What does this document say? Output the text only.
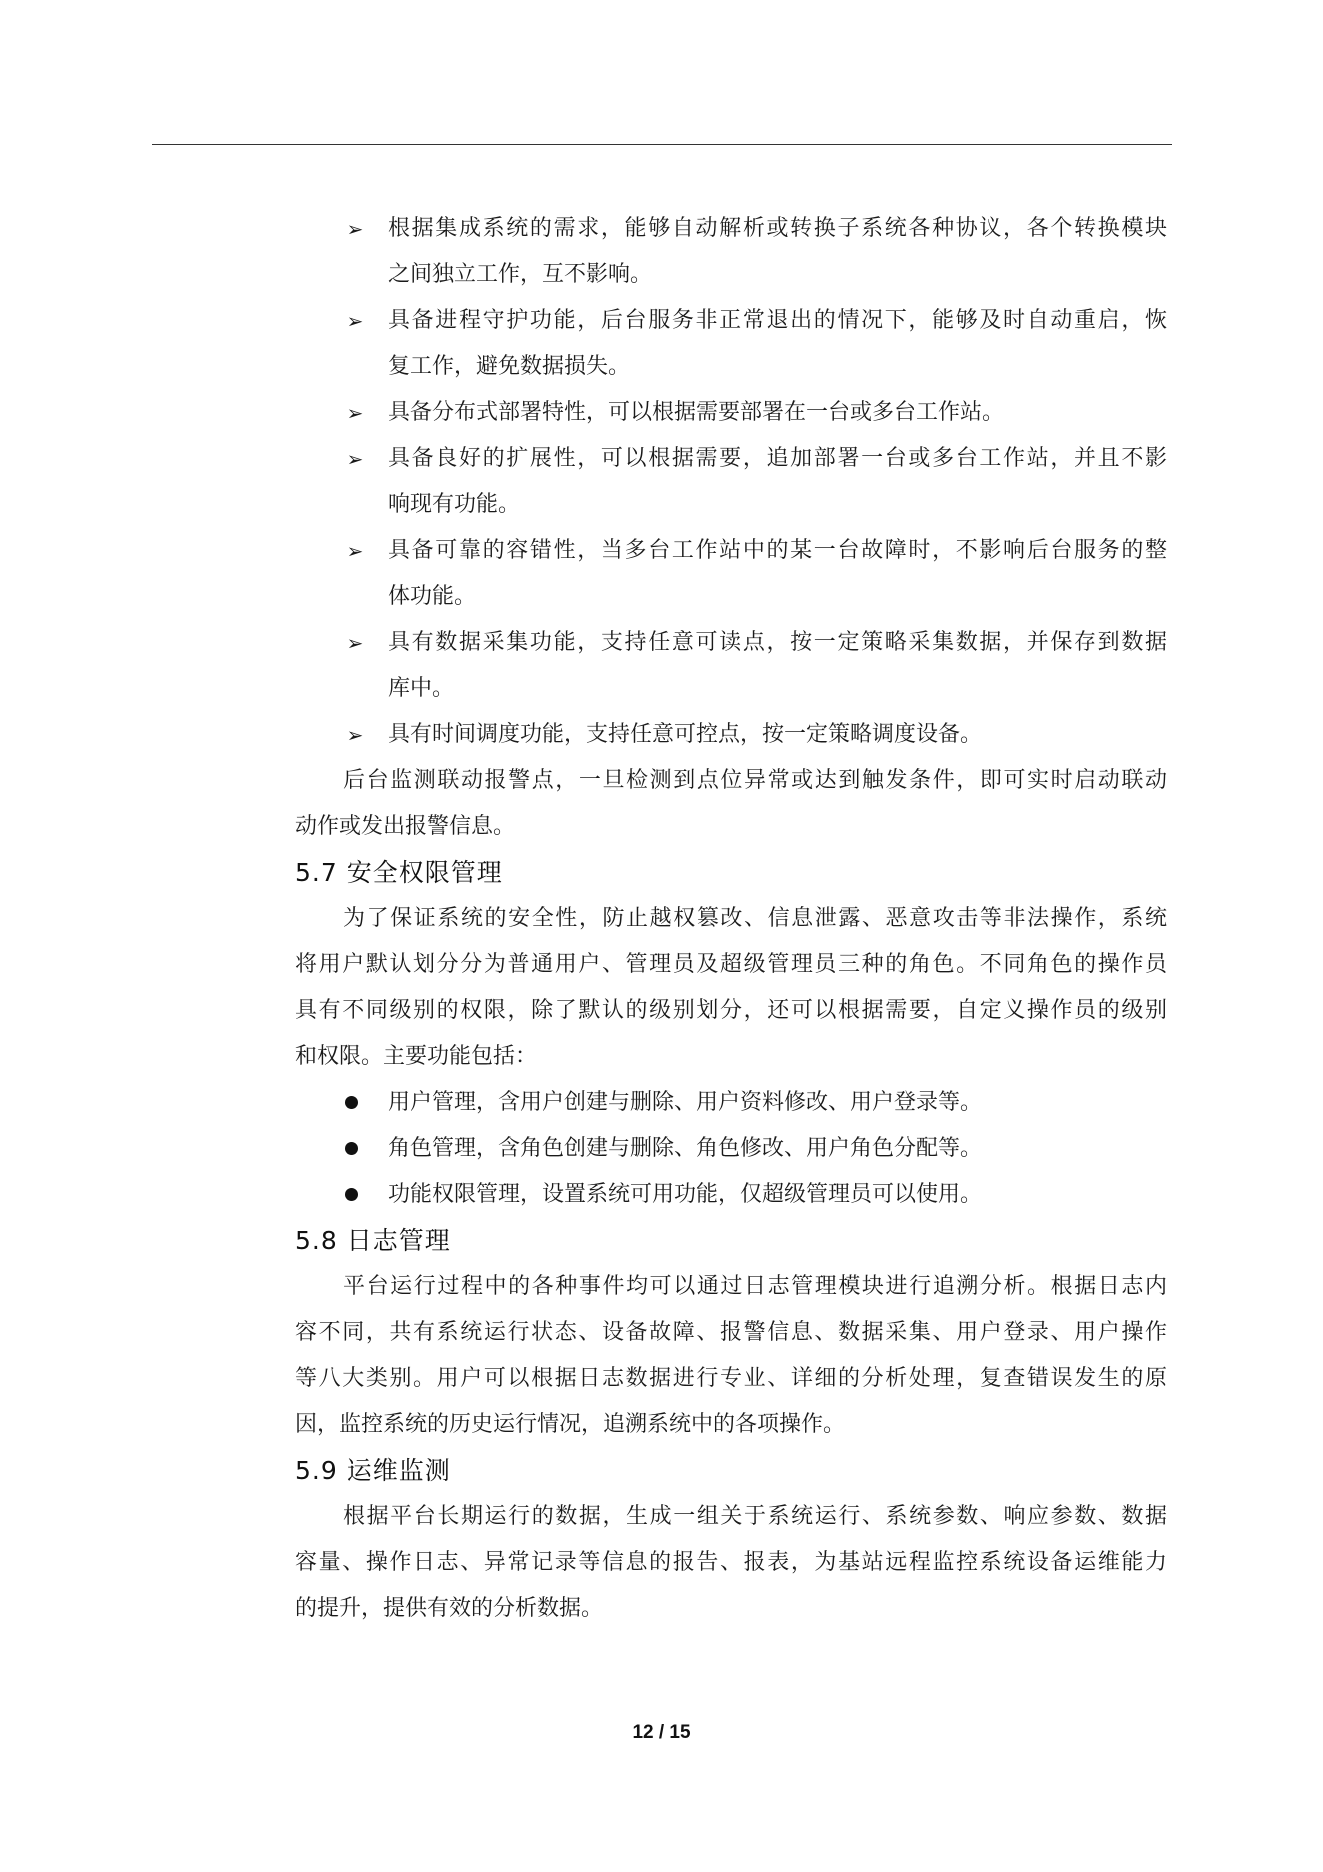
➢ 根据集成系统的需求，能够自动解析或转换子系统各种协议，各个转换模块
之间独立工作，互不影响。
➢ 具备进程守护功能，后台服务非正常退出的情况下，能够及时自动重启，恢
复工作，避免数据损失。
➢ 具备分布式部署特性，可以根据需要部署在一台或多台工作站。
➢ 具备良好的扩展性，可以根据需要，追加部署一台或多台工作站，并且不影
响现有功能。
➢ 具备可靠的容错性，当多台工作站中的某一台故障时，不影响后台服务的整
体功能。
➢ 具有数据采集功能，支持任意可读点，按一定策略采集数据，并保存到数据
库中。
➢ 具有时间调度功能，支持任意可控点，按一定策略调度设备。
后台监测联动报警点，一旦检测到点位异常或达到触发条件，即可实时启动联动
动作或发出报警信息。
5.7 安全权限管理
为了保证系统的安全性，防止越权篡改、信息泄露、恶意攻击等非法操作，系统
将用户默认划分分为普通用户、管理员及超级管理员三种的角色。不同角色的操作员
具有不同级别的权限，除了默认的级别划分，还可以根据需要，自定义操作员的级别
和权限。主要功能包括：
用户管理，含用户创建与删除、用户资料修改、用户登录等。
角色管理，含角色创建与删除、角色修改、用户角色分配等。
功能权限管理，设置系统可用功能，仅超级管理员可以使用。
5.8 日志管理
平台运行过程中的各种事件均可以通过日志管理模块进行追溯分析。根据日志内
容不同，共有系统运行状态、设备故障、报警信息、数据采集、用户登录、用户操作
等八大类别。用户可以根据日志数据进行专业、详细的分析处理，复查错误发生的原
因，监控系统的历史运行情况，追溯系统中的各项操作。
5.9 运维监测
根据平台长期运行的数据，生成一组关于系统运行、系统参数、响应参数、数据
容量、操作日志、异常记录等信息的报告、报表，为基站远程监控系统设备运维能力
的提升，提供有效的分析数据。
12 / 15
